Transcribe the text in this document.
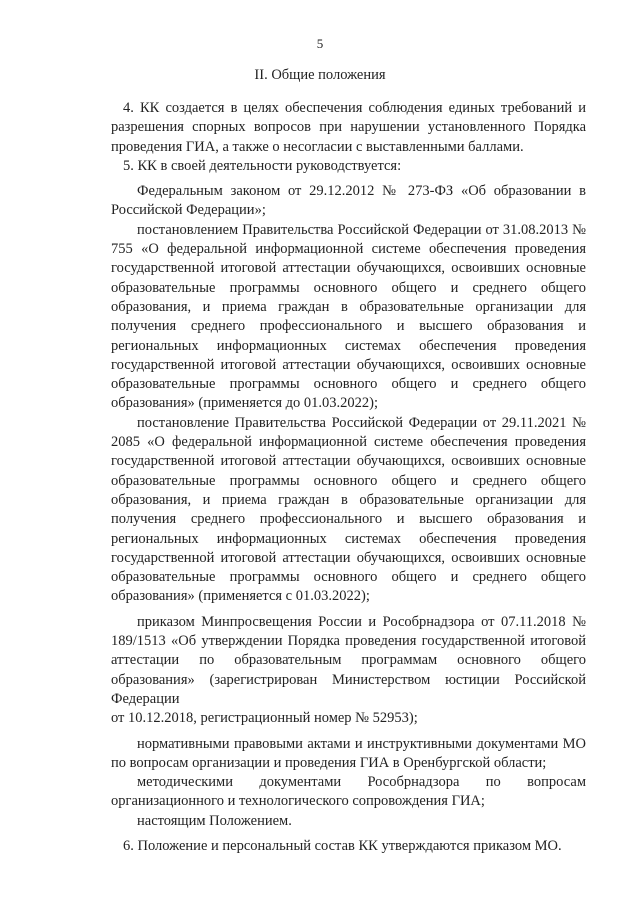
5
II. Общие положения

4. КК создается в целях обеспечения соблюдения единых требований и разрешения спорных вопросов при нарушении установленного Порядка проведения ГИА, а также о несогласии с выставленными баллами.

5. КК в своей деятельности руководствуется:

Федеральным законом от 29.12.2012 № 273-ФЗ «Об образовании в Российской Федерации»;

постановлением Правительства Российской Федерации от 31.08.2013 № 755 «О федеральной информационной системе обеспечения проведения государственной итоговой аттестации обучающихся, освоивших основные образовательные программы основного общего и среднего общего образования, и приема граждан в образовательные организации для получения среднего профессионального и высшего образования и региональных информационных системах обеспечения проведения государственной итоговой аттестации обучающихся, освоивших основные образовательные программы основного общего и среднего общего образования» (применяется до 01.03.2022);

постановление Правительства Российской Федерации от 29.11.2021 № 2085 «О федеральной информационной системе обеспечения проведения государственной итоговой аттестации обучающихся, освоивших основные образовательные программы основного общего и среднего общего образования, и приема граждан в образовательные организации для получения среднего профессионального и высшего образования и региональных информационных системах обеспечения проведения государственной итоговой аттестации обучающихся, освоивших основные образовательные программы основного общего и среднего общего образования» (применяется с 01.03.2022);

приказом Минпросвещения России и Рособрнадзора от 07.11.2018 № 189/1513 «Об утверждении Порядка проведения государственной итоговой аттестации по образовательным программам основного общего образования» (зарегистрирован Министерством юстиции Российской Федерации

от 10.12.2018, регистрационный номер № 52953);

нормативными правовыми актами и инструктивными документами МО по вопросам организации и проведения ГИА в Оренбургской области;

методическими документами Рособрнадзора по вопросам организационного и технологического сопровождения ГИА;

настоящим Положением.

6. Положение и персональный состав КК утверждаются приказом МО.
